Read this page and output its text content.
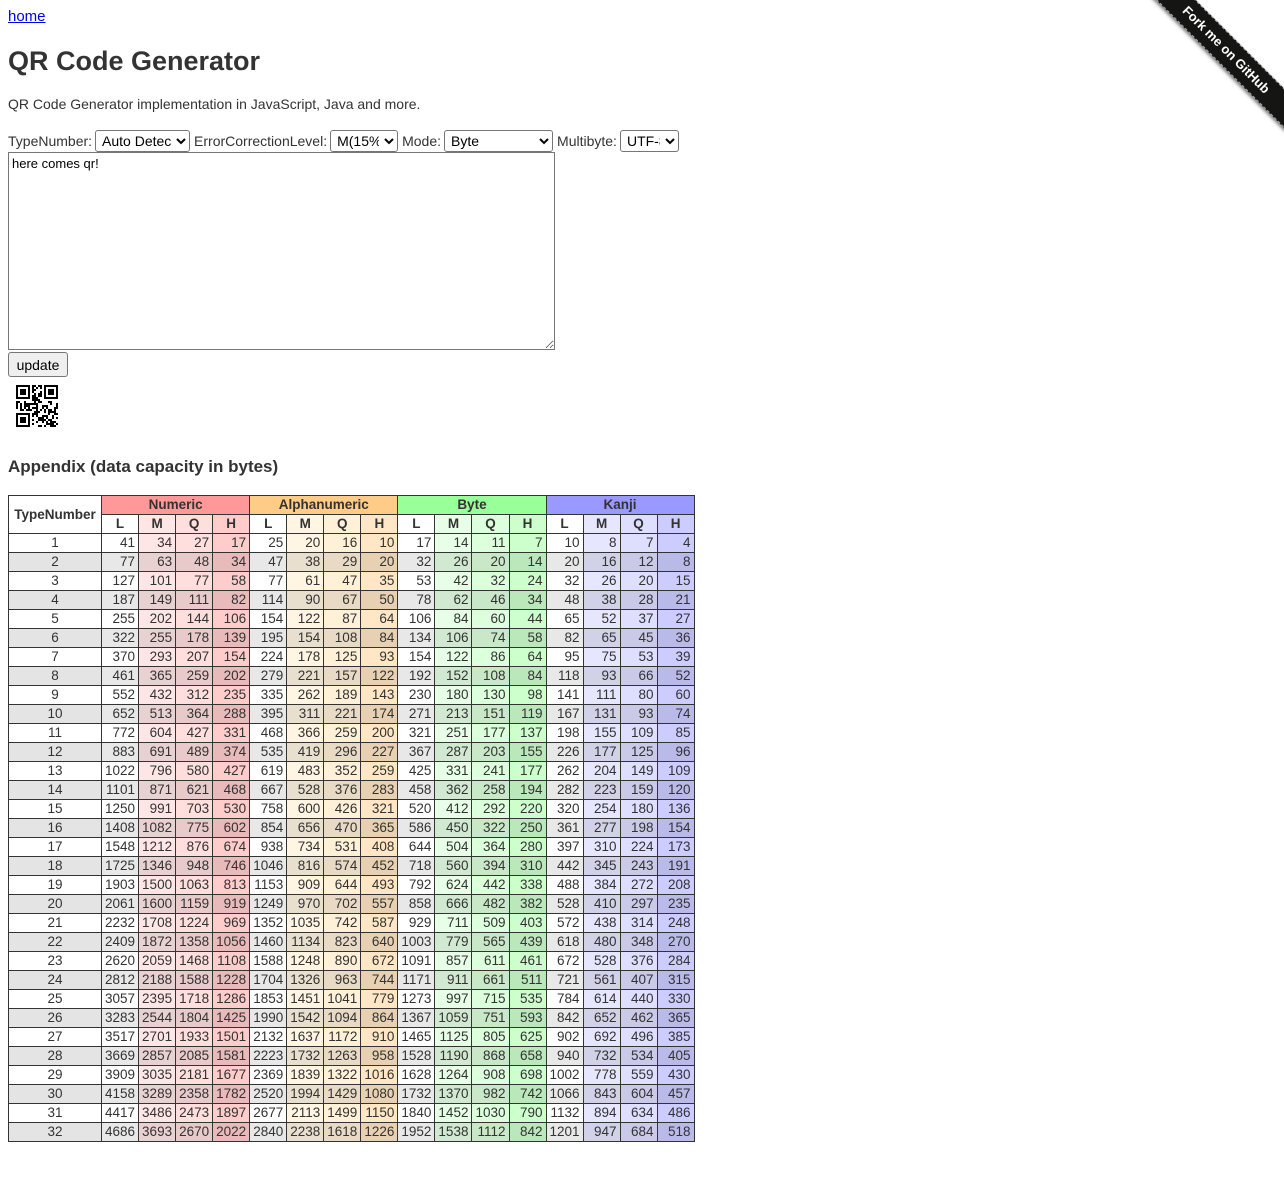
home
QR Code Generator

QR Code Generator implementation in JavaScript, Java and more.

TypeNumber:
Auto Detect	ErrorCorrectionLevel:
M(15%)	Mode:
Byte	Multibyte:
UTF-8
here comes qr!
update
Appendix (data capacity in bytes)
TypeNumber	Numeric				Alphanumeric				Byte				Kanji			
	L	M	Q	H	L	M	Q	H	L	M	Q	H	L	M	Q	H
1	41	34	27	17	25	20	16	10	17	14	11	7	10	8	7	4
2	77	63	48	34	47	38	29	20	32	26	20	14	20	16	12	8
3	127	101	77	58	77	61	47	35	53	42	32	24	32	26	20	15
4	187	149	111	82	114	90	67	50	78	62	46	34	48	38	28	21
5	255	202	144	106	154	122	87	64	106	84	60	44	65	52	37	27
6	322	255	178	139	195	154	108	84	134	106	74	58	82	65	45	36
7	370	293	207	154	224	178	125	93	154	122	86	64	95	75	53	39
8	461	365	259	202	279	221	157	122	192	152	108	84	118	93	66	52
9	552	432	312	235	335	262	189	143	230	180	130	98	141	111	80	60
10	652	513	364	288	395	311	221	174	271	213	151	119	167	131	93	74
11	772	604	427	331	468	366	259	200	321	251	177	137	198	155	109	85
12	883	691	489	374	535	419	296	227	367	287	203	155	226	177	125	96
13	1022	796	580	427	619	483	352	259	425	331	241	177	262	204	149	109
14	1101	871	621	468	667	528	376	283	458	362	258	194	282	223	159	120
15	1250	991	703	530	758	600	426	321	520	412	292	220	320	254	180	136
16	1408	1082	775	602	854	656	470	365	586	450	322	250	361	277	198	154
17	1548	1212	876	674	938	734	531	408	644	504	364	280	397	310	224	173
18	1725	1346	948	746	1046	816	574	452	718	560	394	310	442	345	243	191
19	1903	1500	1063	813	1153	909	644	493	792	624	442	338	488	384	272	208
20	2061	1600	1159	919	1249	970	702	557	858	666	482	382	528	410	297	235
21	2232	1708	1224	969	1352	1035	742	587	929	711	509	403	572	438	314	248
22	2409	1872	1358	1056	1460	1134	823	640	1003	779	565	439	618	480	348	270
23	2620	2059	1468	1108	1588	1248	890	672	1091	857	611	461	672	528	376	284
24	2812	2188	1588	1228	1704	1326	963	744	1171	911	661	511	721	561	407	315
25	3057	2395	1718	1286	1853	1451	1041	779	1273	997	715	535	784	614	440	330
26	3283	2544	1804	1425	1990	1542	1094	864	1367	1059	751	593	842	652	462	365
27	3517	2701	1933	1501	2132	1637	1172	910	1465	1125	805	625	902	692	496	385
28	3669	2857	2085	1581	2223	1732	1263	958	1528	1190	868	658	940	732	534	405
29	3909	3035	2181	1677	2369	1839	1322	1016	1628	1264	908	698	1002	778	559	430
30	4158	3289	2358	1782	2520	1994	1429	1080	1732	1370	982	742	1066	843	604	457
31	4417	3486	2473	1897	2677	2113	1499	1150	1840	1452	1030	790	1132	894	634	486
32	4686	3693	2670	2022	2840	2238	1618	1226	1952	1538	1112	842	1201	947	684	518
Fork me on GitHub
